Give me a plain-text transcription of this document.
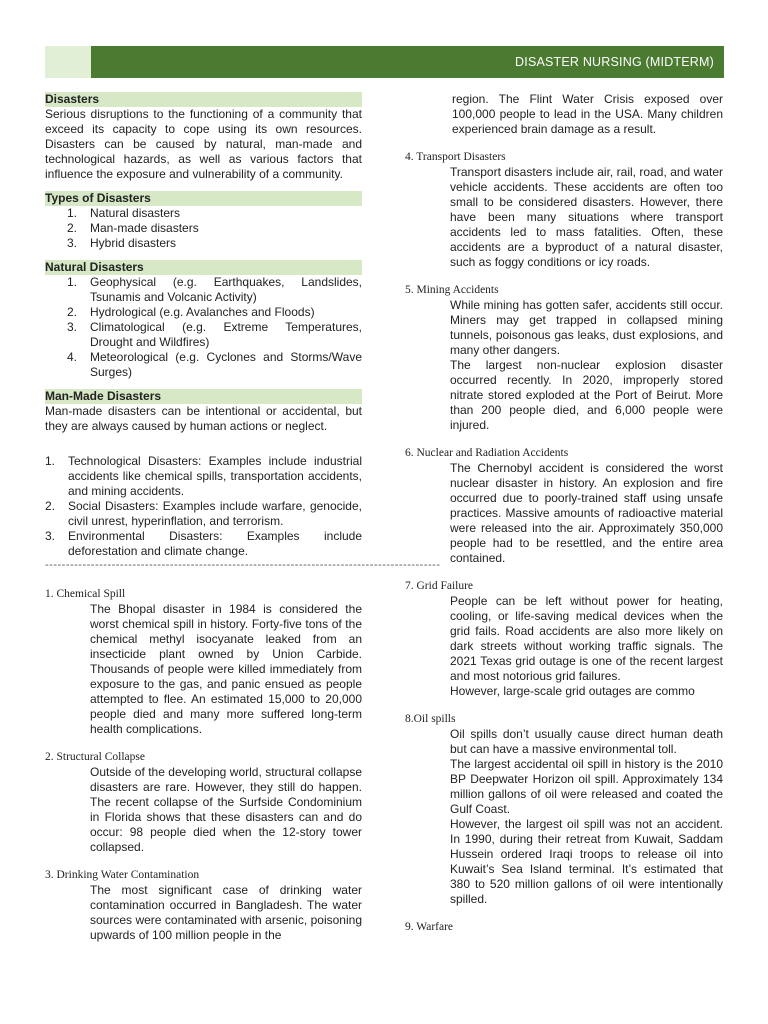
DISASTER NURSING (MIDTERM)
Disasters

Serious disruptions to the functioning of a community that exceed its capacity to cope using its own resources. Disasters can be caused by natural, man-made and technological hazards, as well as various factors that influence the exposure and vulnerability of a community.

Types of Disasters
1. Natural disasters
2. Man-made disasters
3. Hybrid disasters
Natural Disasters
1. Geophysical (e.g. Earthquakes, Landslides, Tsunamis and Volcanic Activity)
2. Hydrological (e.g. Avalanches and Floods)
3. Climatological (e.g. Extreme Temperatures, Drought and Wildfires)
4. Meteorological (e.g. Cyclones and Storms/Wave Surges)
Man-Made Disasters

Man-made disasters can be intentional or accidental, but they are always caused by human actions or neglect.

1. Technological Disasters: Examples include industrial accidents like chemical spills, transportation accidents, and mining accidents.
2. Social Disasters: Examples include warfare, genocide, civil unrest, hyperinflation, and terrorism.
3. Environmental Disasters: Examples include deforestation and climate change.
-----------------------------------------------------------------------------------------------
1. Chemical Spill

The Bhopal disaster in 1984 is considered the worst chemical spill in history. Forty-five tons of the chemical methyl isocyanate leaked from an insecticide plant owned by Union Carbide. Thousands of people were killed immediately from exposure to the gas, and panic ensued as people attempted to flee. An estimated 15,000 to 20,000 people died and many more suffered long-term health complications.

2. Structural Collapse

Outside of the developing world, structural collapse disasters are rare. However, they still do happen. The recent collapse of the Surfside Condominium in Florida shows that these disasters can and do occur: 98 people died when the 12-story tower collapsed.

3. Drinking Water Contamination

The most significant case of drinking water contamination occurred in Bangladesh. The water sources were contaminated with arsenic, poisoning upwards of 100 million people in the

region. The Flint Water Crisis exposed over 100,000 people to lead in the USA. Many children experienced brain damage as a result.

4. Transport Disasters

Transport disasters include air, rail, road, and water vehicle accidents. These accidents are often too small to be considered disasters. However, there have been many situations where transport accidents led to mass fatalities. Often, these accidents are a byproduct of a natural disaster, such as foggy conditions or icy roads.

5. Mining Accidents

While mining has gotten safer, accidents still occur. Miners may get trapped in collapsed mining tunnels, poisonous gas leaks, dust explosions, and many other dangers.

The largest non-nuclear explosion disaster occurred recently. In 2020, improperly stored nitrate stored exploded at the Port of Beirut. More than 200 people died, and 6,000 people were injured.

6. Nuclear and Radiation Accidents

The Chernobyl accident is considered the worst nuclear disaster in history. An explosion and fire occurred due to poorly-trained staff using unsafe practices. Massive amounts of radioactive material were released into the air. Approximately 350,000 people had to be resettled, and the entire area contained.

7. Grid Failure

People can be left without power for heating, cooling, or life-saving medical devices when the grid fails. Road accidents are also more likely on dark streets without working traffic signals. The 2021 Texas grid outage is one of the recent largest and most notorious grid failures.

However, large-scale grid outages are commo

8.Oil spills

Oil spills don’t usually cause direct human death but can have a massive environmental toll.

The largest accidental oil spill in history is the 2010 BP Deepwater Horizon oil spill. Approximately 134 million gallons of oil were released and coated the Gulf Coast.

However, the largest oil spill was not an accident. In 1990, during their retreat from Kuwait, Saddam Hussein ordered Iraqi troops to release oil into Kuwait’s Sea Island terminal. It’s estimated that 380 to 520 million gallons of oil were intentionally spilled.

9. Warfare
